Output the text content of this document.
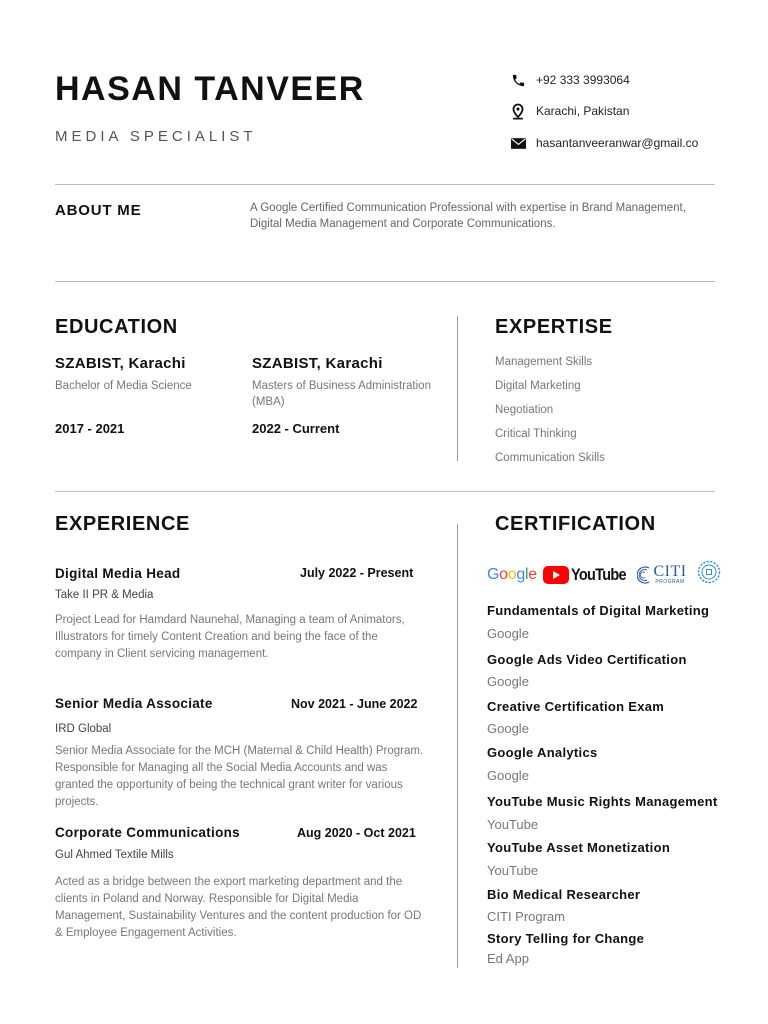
HASAN TANVEER
MEDIA SPECIALIST
+92 333 3993064
Karachi, Pakistan
hasantanveeranwar@gmail.co
ABOUT ME	A Google Certified Communication Professional with expertise in Brand Management, Digital Media Management and Corporate Communications.
EDUCATION
SZABIST, Karachi
Bachelor of Media Science
2017 - 2021
SZABIST, Karachi
Masters of Business Administration (MBA)
2022 - Current
EXPERTISE
Management Skills
Digital Marketing
Negotiation
Critical Thinking
Communication Skills
EXPERIENCE
Digital Media Head	July 2022 - Present
Take II PR & Media
Project Lead for Hamdard Naunehal, Managing a team of Animators, Illustrators for timely Content Creation and being the face of the company in Client servicing management.
Senior Media Associate	Nov 2021 - June 2022
IRD Global
Senior Media Associate for the MCH (Maternal & Child Health) Program. Responsible for Managing all the Social Media Accounts and was granted the opportunity of being the technical grant writer for various projects.
Corporate Communications	Aug 2020 - Oct 2021
Gul Ahmed Textile Mills
Acted as a bridge between the export marketing department and the clients in Poland and Norway. Responsible for Digital Media Management, Sustainability Ventures and the content production for OD & Employee Engagement Activities.
CERTIFICATION
Google YouTube CITI
PROGRAM
Fundamentals of Digital Marketing
Google
Google Ads Video Certification
Google
Creative Certification Exam
Google
Google Analytics
Google
YouTube Music Rights Management
YouTube
YouTube Asset Monetization
YouTube
Bio Medical Researcher
CITI Program
Story Telling for Change
Ed App
